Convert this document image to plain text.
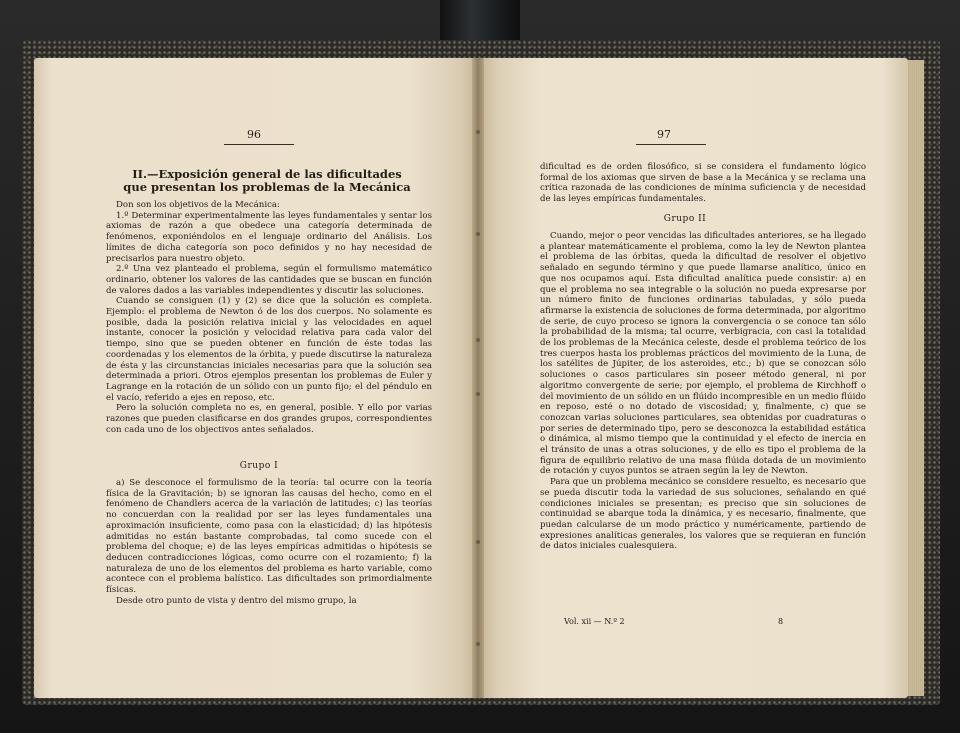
96
II.—Exposición general de las dificultades
que presentan los problemas de la Mecánica

Don son los objetivos de la Mecánica:

1.º Determinar experimentalmente las leyes fundamentales y sentar los axiomas de razón a que obedece una categoría determinada de fenómenos, exponiéndolos en el lenguaje ordinario del Análisis. Los límites de dicha categoría son poco definidos y no hay necesidad de precisarlos para nuestro objeto.

2.º Una vez planteado el problema, según el formulismo matemático ordinario, obtener los valores de las cantidades que se buscan en función de valores dados a las variables independientes y discutir las soluciones.

Cuando se consiguen (1) y (2) se dice que la solución es completa. Ejemplo: el problema de Newton ó de los dos cuerpos. No solamente es posible, dada la posición relativa inicial y las velocidades en aquel instante, conocer la posición y velocidad relativa para cada valor del tiempo, sino que se pueden obtener en función de éste todas las coordenadas y los elementos de la órbita, y puede discutirse la naturaleza de ésta y las circunstancias iniciales necesarias para que la solución sea determinada a priori. Otros ejemplos presentan los problemas de Euler y Lagrange en la rotación de un sólido con un punto fijo; el del péndulo en el vacío, referido a ejes en reposo, etc.

Pero la solución completa no es, en general, posible. Y ello por varias razones que pueden clasificarse en dos grandes grupos, correspondientes con cada uno de los objectivos antes señalados.

Grupo I

a) Se desconoce el formulismo de la teoría: tal ocurre con la teoría física de la Gravitación; b) se ignoran las causas del hecho, como en el fenómeno de Chandlers acerca de la variación de latitudes; c) las teorías no concuerdan con la realidad por ser las leyes fundamentales una aproximación insuficiente, como pasa con la elasticidad; d) las hipótesis admitidas no están bastante comprobadas, tal como sucede con el problema del choque; e) de las leyes empíricas admitidas o hipótesis se deducen contradicciones lógicas, como ocurre con el rozamiento; f) la naturaleza de uno de los elementos del problema es harto variable, como acontece con el problema balístico. Las dificultades son primordialmente físicas.

Desde otro punto de vista y dentro del mismo grupo, la

97

dificultad es de orden filosófico, si se considera el fundamento lógico formal de los axiomas que sirven de base a la Mecánica y se reclama una crítica razonada de las condiciones de mínima suficiencia y de necesidad de las leyes empíricas fundamentales.

Grupo II

Cuando, mejor o peor vencidas las dificultades anteriores, se ha llegado a plantear matemáticamente el problema, como la ley de Newton plantea el problema de las órbitas, queda la dificultad de resolver el objetivo señalado en segundo término y que puede llamarse analítico, único en que nos ocupamos aquí. Esta dificultad analítica puede consistir: a) en que el problema no sea integrable o la solución no pueda expresarse por un número finito de funciones ordinarias tabuladas, y sólo pueda afirmarse la existencia de soluciones de forma determinada, por algoritmo de serie, de cuyo proceso se ignora la convergencia o se conoce tan sólo la probabilidad de la misma; tal ocurre, verbigracia, con casi la totalidad de los problemas de la Mecánica celeste, desde el problema teórico de los tres cuerpos hasta los problemas prácticos del movimiento de la Luna, de los satélites de Júpiter, de los asteroides, etc.; b) que se conozcan sólo soluciones o casos particulares sin poseer método general, ni por algoritmo convergente de serie; por ejemplo, el problema de Kirchhoff o del movimiento de un sólido en un flúido incompresible en un medio flúido en reposo, esté o no dotado de viscosidad; y, finalmente, c) que se conozcan varias soluciones particulares, sea obtenidas por cuadraturas o por series de determinado tipo, pero se desconozca la estabilidad estática o dinámica, al mismo tiempo que la continuidad y el efecto de inercia en el tránsito de unas a otras soluciones, y de ello es tipo el problema de la figura de equilibrio relativo de una masa flúida dotada de un movimiento de rotación y cuyos puntos se atraen según la ley de Newton.

Para que un problema mecánico se considere resuelto, es necesario que se pueda discutir toda la variedad de sus soluciones, señalando en qué condiciones iniciales se presentan; es preciso que sin soluciones de continuidad se abarque toda la dinámica, y es necesario, finalmente, que puedan calcularse de un modo práctico y numéricamente, partiendo de expresiones analíticas generales, los valores que se requieran en función de datos iniciales cualesquiera.

Vol. xii — N.º 2	8
